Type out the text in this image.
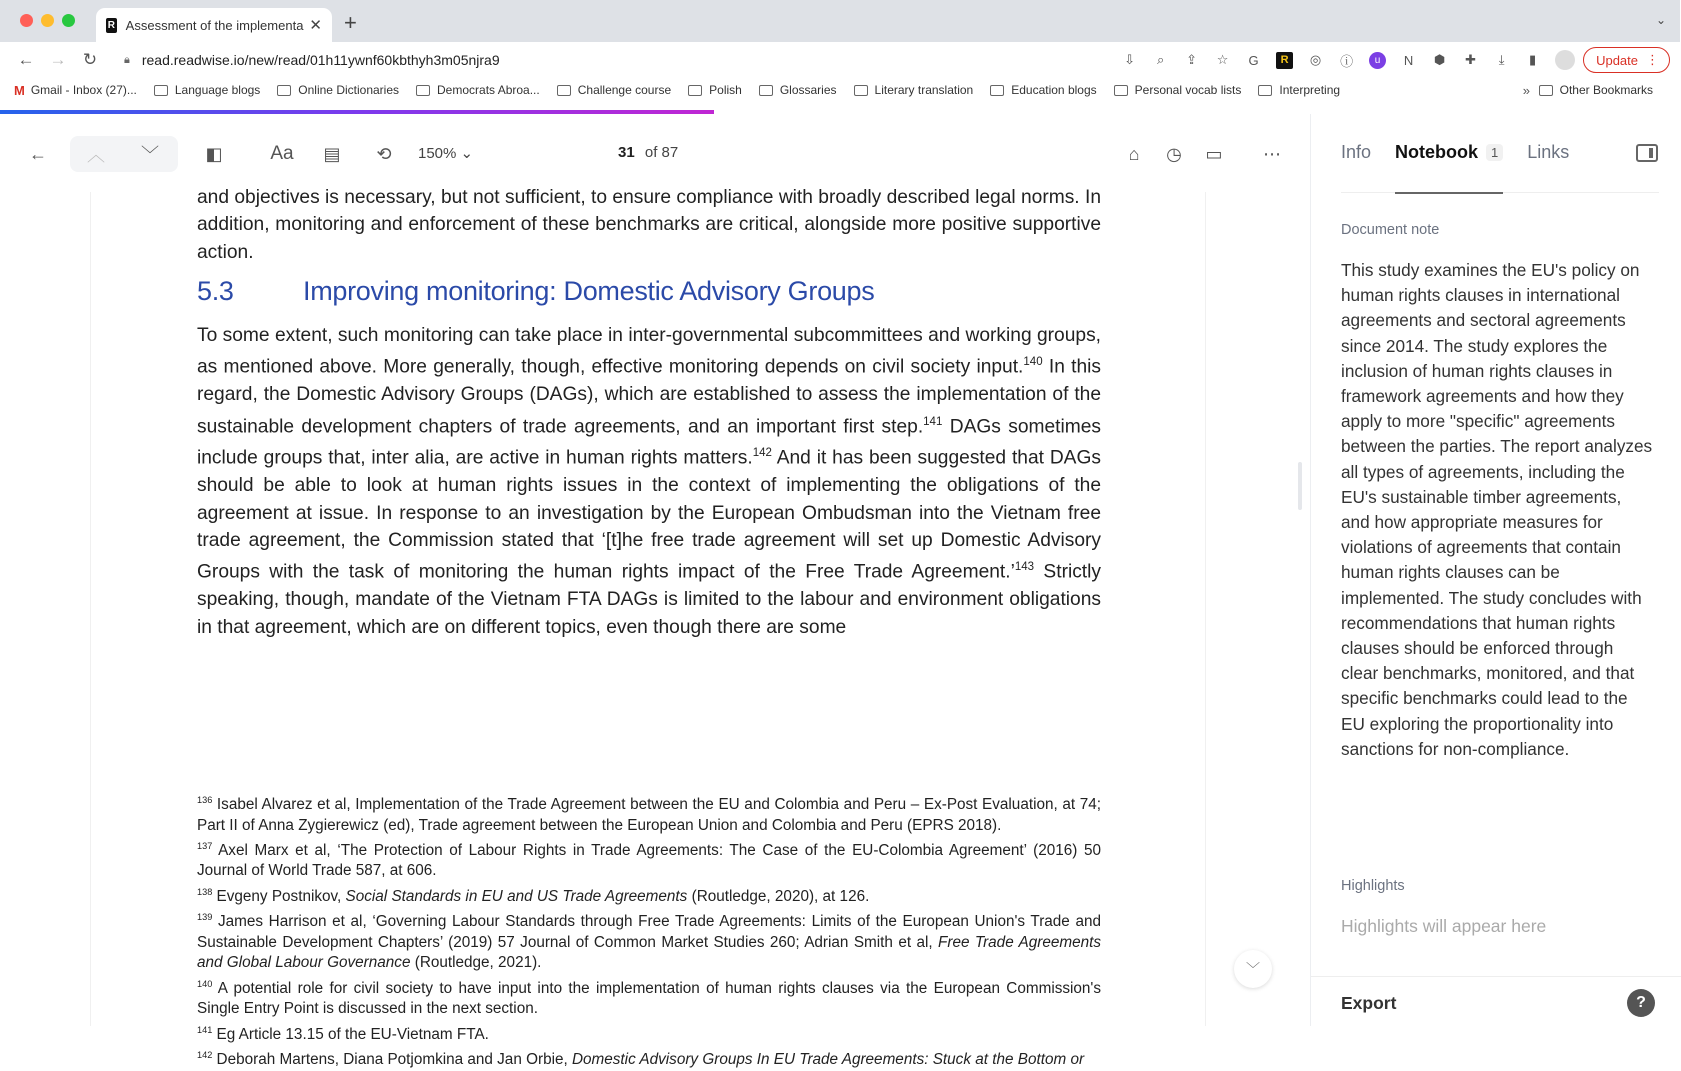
R Assessment of the implementa ✕ +	⌄
← → ↻	🔒︎ read.readwise.io/new/read/01h11ywnf60kbthyh3m05njra9	⇩	⌕	⇪ ☆ G	R	◎ ⓘ	u	N ⬢ ✚	⤓	▮	Update ⋮
M Gmail - Inbox (27)...	Language blogs	Online Dictionaries	Democrats Abroa...	Challenge course	Polish	Glossaries	Literary translation	Education blogs	Personal vocab lists	Interpreting	» Other Bookmarks
←	︿	﹀	◧	Aa	▤	⟲	150% ⌄	31 of 87	⌂	◷	▭	⋯
and objectives is necessary, but not sufficient, to ensure compliance with broadly described legal norms. In addition, monitoring and enforcement of these benchmarks are critical, alongside more positive supportive action.
5.3	Improving monitoring: Domestic Advisory Groups
To some extent, such monitoring can take place in inter-governmental subcommittees and working groups, as mentioned above. More generally, though, effective monitoring depends on civil society input.$^{140}$ In this regard, the Domestic Advisory Groups (DAGs), which are established to assess the implementation of the sustainable development chapters of trade agreements, and an important first step.$^{141}$ DAGs sometimes include groups that, inter alia, are active in human rights matters.$^{142}$ And it has been suggested that DAGs should be able to look at human rights issues in the context of implementing the obligations of the agreement at issue. In response to an investigation by the European Ombudsman into the Vietnam free trade agreement, the Commission stated that ‘[t]he free trade agreement will set up Domestic Advisory Groups with the task of monitoring the human rights impact of the Free Trade Agreement.’$^{143}$ Strictly speaking, though, mandate of the Vietnam FTA DAGs is limited to the labour and environment obligations in that agreement, which are on different topics, even though there are some

$^{136}$ Isabel Alvarez et al, Implementation of the Trade Agreement between the EU and Colombia and Peru – Ex-Post Evaluation, at 74; Part II of Anna Zygierewicz (ed), Trade agreement between the European Union and Colombia and Peru (EPRS 2018).

$^{137}$ Axel Marx et al, ‘The Protection of Labour Rights in Trade Agreements: The Case of the EU-Colombia Agreement’ (2016) 50 Journal of World Trade 587, at 606.

$^{138}$ Evgeny Postnikov, Social Standards in EU and US Trade Agreements (Routledge, 2020), at 126.

$^{139}$ James Harrison et al, ‘Governing Labour Standards through Free Trade Agreements: Limits of the European Union's Trade and Sustainable Development Chapters’ (2019) 57 Journal of Common Market Studies 260; Adrian Smith et al, Free Trade Agreements and Global Labour Governance (Routledge, 2021).

$^{140}$ A potential role for civil society to have input into the implementation of human rights clauses via the European Commission's Single Entry Point is discussed in the next section.

$^{141}$ Eg Article 13.15 of the EU-Vietnam FTA.

$^{142}$ Deborah Martens, Diana Potjomkina and Jan Orbie, Domestic Advisory Groups In EU Trade Agreements: Stuck at the Bottom or

﹀
Info Notebook	1 Links
Document note
This study examines the EU's policy on human rights clauses in international agreements and sectoral agreements since 2014. The study explores the inclusion of human rights clauses in framework agreements and how they apply to more "specific" agreements between the parties. The report analyzes all types of agreements, including the EU's sustainable timber agreements, and how appropriate measures for violations of agreements that contain human rights clauses can be implemented. The study concludes with recommendations that human rights clauses should be enforced through clear benchmarks, monitored, and that specific benchmarks could lead to the EU exploring the proportionality into sanctions for non-compliance.
Highlights
Highlights will appear here
Export	?
